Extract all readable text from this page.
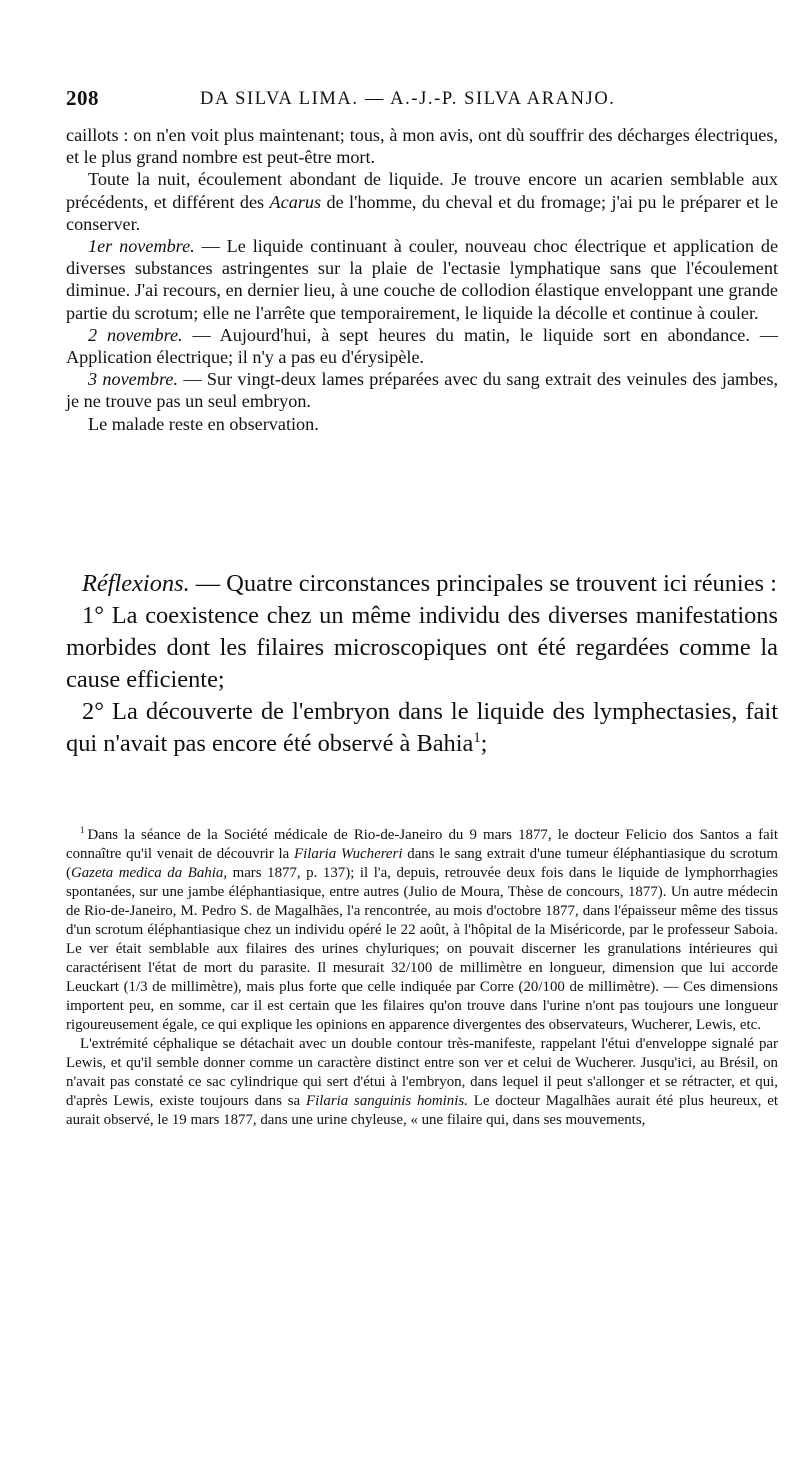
208	DA SILVA LIMA. — A.-J.-P. SILVA ARANJO.

caillots : on n'en voit plus maintenant; tous, à mon avis, ont dù souffrir des décharges électriques, et le plus grand nombre est peut-être mort.

Toute la nuit, écoulement abondant de liquide. Je trouve encore un acarien semblable aux précédents, et différent des Acarus de l'homme, du cheval et du fromage; j'ai pu le préparer et le conserver.

1er novembre. — Le liquide continuant à couler, nouveau choc électrique et application de diverses substances astringentes sur la plaie de l'ectasie lymphatique sans que l'écoulement diminue. J'ai recours, en dernier lieu, à une couche de collodion élastique enveloppant une grande partie du scrotum; elle ne l'arrête que temporairement, le liquide la décolle et continue à couler.

2 novembre. — Aujourd'hui, à sept heures du matin, le liquide sort en abondance. — Application électrique; il n'y a pas eu d'érysipèle.

3 novembre. — Sur vingt-deux lames préparées avec du sang extrait des veinules des jambes, je ne trouve pas un seul embryon.

Le malade reste en observation.

Réflexions. — Quatre circonstances principales se trouvent ici réunies :

1° La coexistence chez un même individu des diverses manifestations morbides dont les filaires microscopiques ont été regardées comme la cause efficiente;

2° La découverte de l'embryon dans le liquide des lymphectasies, fait qui n'avait pas encore été observé à Bahia$^1$;

$^1$ Dans la séance de la Société médicale de Rio-de-Janeiro du 9 mars 1877, le docteur Felicio dos Santos a fait connaître qu'il venait de découvrir la Filaria Wuchereri dans le sang extrait d'une tumeur éléphantiasique du scrotum (Gazeta medica da Bahia, mars 1877, p. 137); il l'a, depuis, retrouvée deux fois dans le liquide de lymphorrhagies spontanées, sur une jambe éléphantiasique, entre autres (Julio de Moura, Thèse de concours, 1877). Un autre médecin de Rio-de-Janeiro, M. Pedro S. de Magalhães, l'a rencontrée, au mois d'octobre 1877, dans l'épaisseur même des tissus d'un scrotum éléphantiasique chez un individu opéré le 22 août, à l'hôpital de la Miséricorde, par le professeur Saboia. Le ver était semblable aux filaires des urines chyluriques; on pouvait discerner les granulations intérieures qui caractérisent l'état de mort du parasite. Il mesurait 32/100 de millimètre en longueur, dimension que lui accorde Leuckart (1/3 de millimètre), mais plus forte que celle indiquée par Corre (20/100 de millimètre). — Ces dimensions importent peu, en somme, car il est certain que les filaires qu'on trouve dans l'urine n'ont pas toujours une longueur rigoureusement égale, ce qui explique les opinions en apparence divergentes des observateurs, Wucherer, Lewis, etc.

L'extrémité céphalique se détachait avec un double contour très-manifeste, rappelant l'étui d'enveloppe signalé par Lewis, et qu'il semble donner comme un caractère distinct entre son ver et celui de Wucherer. Jusqu'ici, au Brésil, on n'avait pas constaté ce sac cylindrique qui sert d'étui à l'embryon, dans lequel il peut s'allonger et se rétracter, et qui, d'après Lewis, existe toujours dans sa Filaria sanguinis hominis. Le docteur Magalhães aurait été plus heureux, et aurait observé, le 19 mars 1877, dans une urine chyleuse, « une filaire qui, dans ses mouvements,
